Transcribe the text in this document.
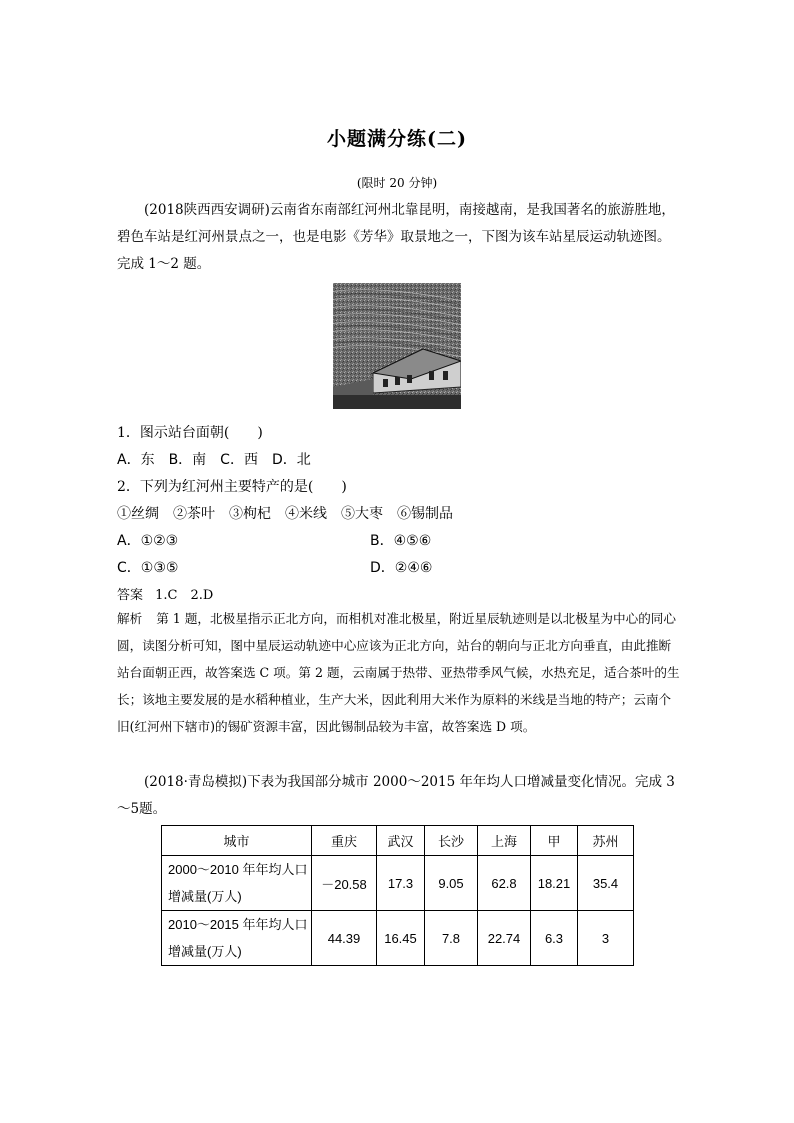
小题满分练(二)
(限时 20 分钟)
(2018陕西西安调研)云南省东南部红河州北靠昆明，南接越南，是我国著名的旅游胜地，碧色车站是红河州景点之一，也是电影《芳华》取景地之一，下图为该车站星辰运动轨迹图。完成 1～2 题。
1．图示站台面朝(　　)
A．东　B．南　C．西　D．北
2．下列为红河州主要特产的是(　　)
①丝绸　②茶叶　③枸杞　④米线　⑤大枣　⑥锡制品
A．①②③	B．④⑤⑥
C．①③⑤	D．②④⑥
答案 1.C　2.D
解析 第 1 题，北极星指示正北方向，而相机对准北极星，附近星辰轨迹则是以北极星为中心的同心圆，读图分析可知，图中星辰运动轨迹中心应该为正北方向，站台的朝向与正北方向垂直，由此推断站台面朝正西，故答案选 C 项。第 2 题，云南属于热带、亚热带季风气候，水热充足，适合茶叶的生长；该地主要发展的是水稻种植业，生产大米，因此利用大米作为原料的米线是当地的特产；云南个旧(红河州下辖市)的锡矿资源丰富，因此锡制品较为丰富，故答案选 D 项。
(2018·青岛模拟)下表为我国部分城市 2000～2015 年年均人口增减量变化情况。完成 3～5题。
城市	重庆	武汉	长沙	上海	甲	苏州
2000～2010 年年均人口增减量(万人)	－20.58	17.3	9.05	62.8	18.21	35.4
2010～2015 年年均人口增减量(万人)	44.39	16.45	7.8	22.74	6.3	3
